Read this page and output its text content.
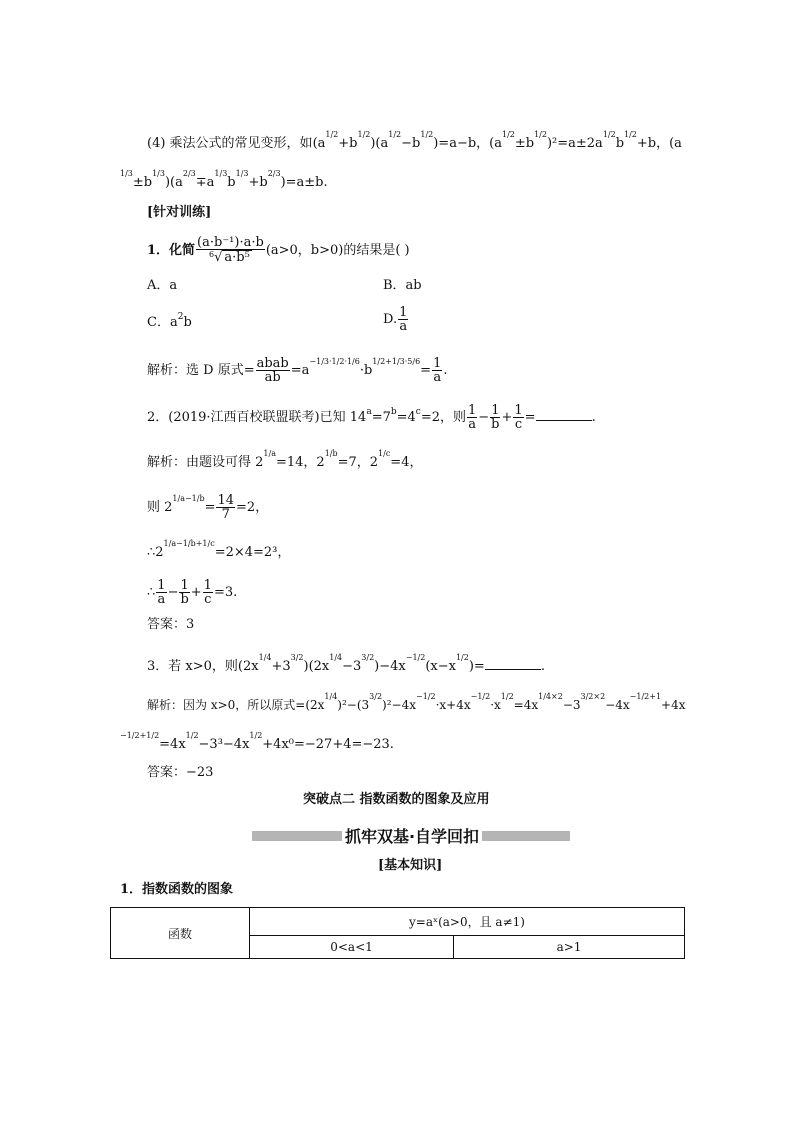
(4) 乘法公式的常见变形，如$(a^{1/2}+b^{1/2})(a^{1/2}-b^{1/2})=a-b$，$(a^{1/2}\pm b^{1/2})^2=a\pm 2a^{1/2}b^{1/2}+b$，(a
$^{1/3}\pm b^{1/3})(a^{2/3}\mp a^{1/3}b^{1/3}+b^{2/3})=a\pm b$.
[针对训练]
1．化简 $\frac{\text{(a·b⁻¹)·a·b}}{^6√ a\cdot b^5} (a>0$，b>0)的结果是( )
A．a	B．ab
C．$a^2b$	D. $\frac{1}{a}$
解析：选 D 原式= abab
ab $=a^{-1/3\cdot 1/2\cdot 1/6}\cdot b^{1/2+1/3\cdot 5/6}= \frac{1}{a}$ .
2．(2019·江西百校联盟联考)已知 $14^a=7^b=4^c=2$，则 $\frac{1}{a} - \frac{1}{b} + \frac{1}{c}$ =	.
解析：由题设可得 $2^{1/a}=14$，$2^{1/b}=7$，$2^{1/c}=4$，
则 $2^{1/a-1/b}= \frac{14}{7} =2$，
$\therefore 2^{1/a-1/b+1/c}=2\times 4=2^3$，
∴ $\frac{1}{a} - \frac{1}{b} + \frac{1}{c} =3$.
答案：3
3．若 x>0，则$(2x^{1/4}+3^{3/2})(2x^{1/4}-3^{3/2})-4x^{-1/2}(x-x^{1/2})=$	.
解析：因为 x>0，所以原式$=(2x^{1/4})^2-(3^{3/2})^2-4x^{-1/2}\cdot x+4x^{-1/2}\cdot x^{1/2}=4x^{1/4\times 2}-3^{3/2\times 2}-4x^{-1/2+1}+4x$
$^{-1/2+1/2}=4x^{1/2}-3^3-4x^{1/2}+4x^0=-27+4=-23$.
答案：−23
突破点二 指数函数的图象及应用
抓牢双基·自学回扣
[基本知识]
1．指数函数的图象
函数	y=aˣ(a>0，且 a≠1)	
	0<a<1	a>1
